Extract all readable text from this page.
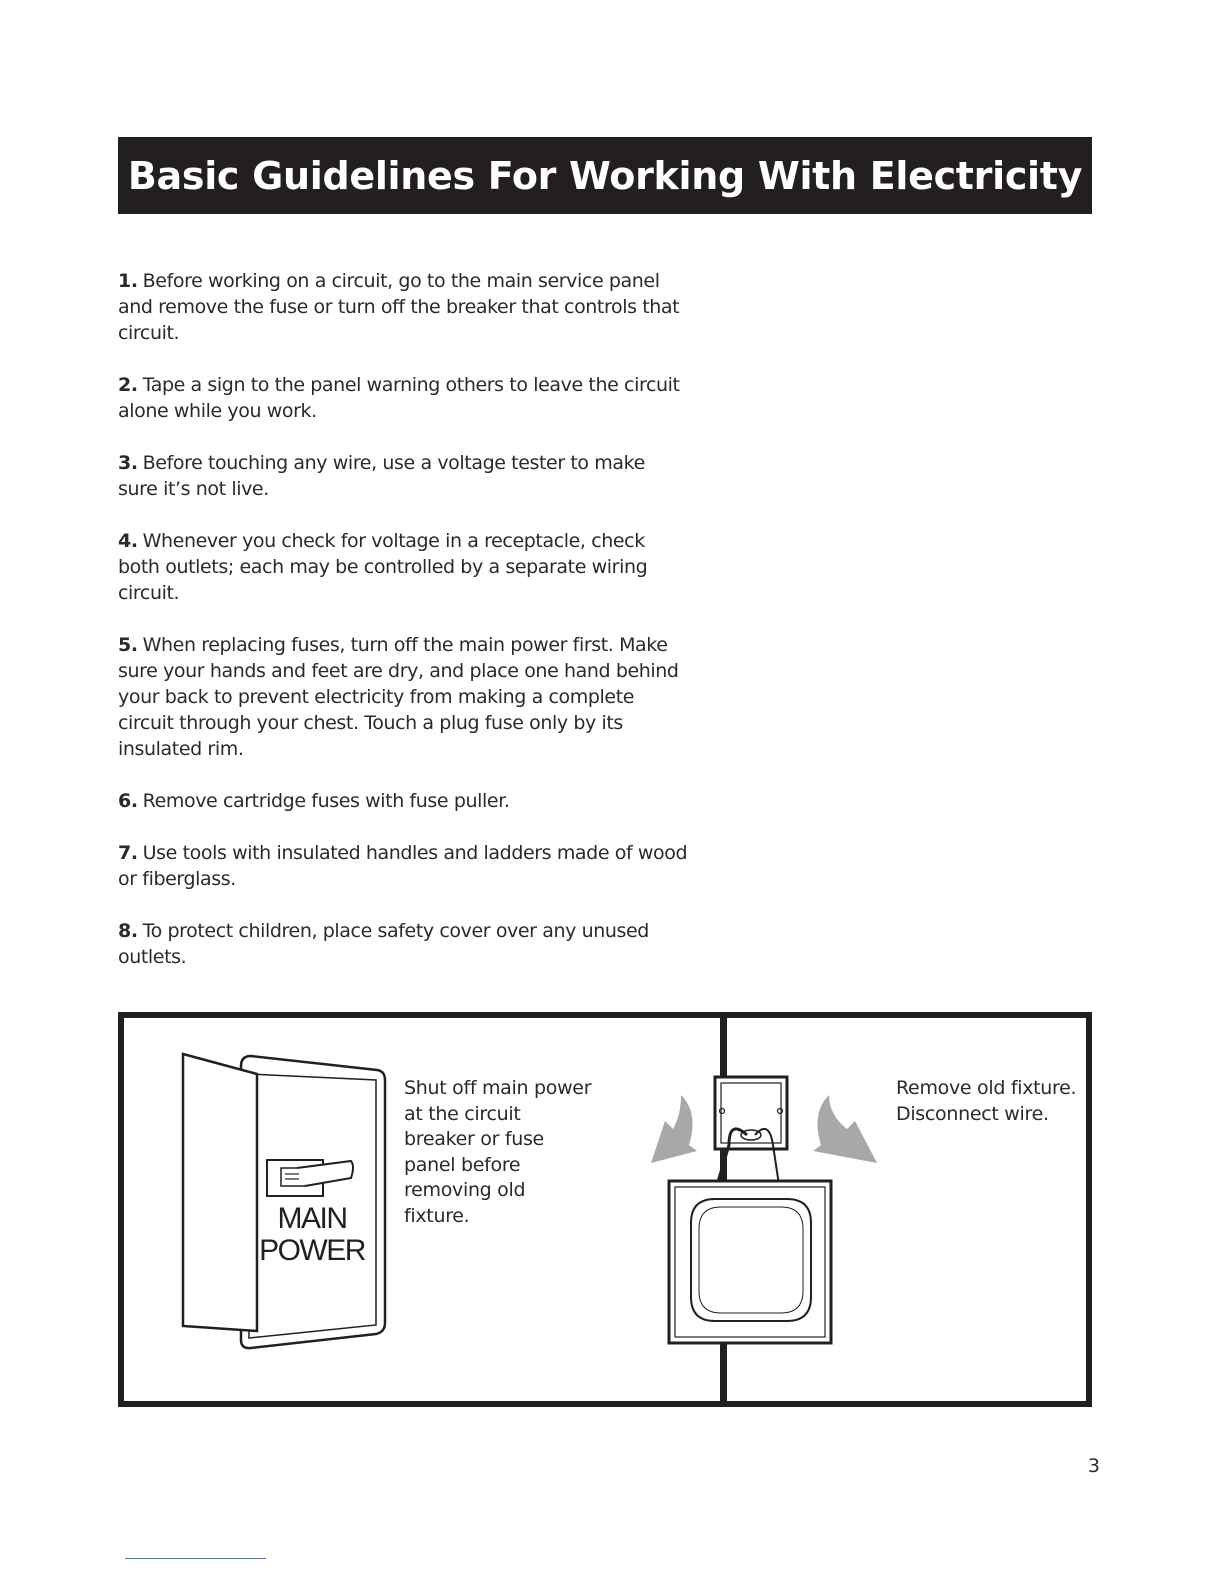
Basic Guidelines For Working With Electricity
1. Before working on a circuit, go to the main service panel and remove the fuse or turn off the breaker that controls that circuit.
2. Tape a sign to the panel warning others to leave the circuit alone while you work.
3. Before touching any wire, use a voltage tester to make sure it’s not live.
4. Whenever you check for voltage in a receptacle, check both outlets; each may be controlled by a separate wiring circuit.
5. When replacing fuses, turn off the main power first. Make sure your hands and feet are dry, and place one hand behind your back to prevent electricity from making a complete circuit through your chest. Touch a plug fuse only by its insulated rim.
6. Remove cartridge fuses with fuse puller.
7. Use tools with insulated handles and ladders made of wood or fiberglass.
8. To protect children, place safety cover over any unused outlets.
MAIN
POWER
Shut off main power at the circuit breaker or fuse panel before removing old fixture.
Remove old fixture. Disconnect wire.
3
